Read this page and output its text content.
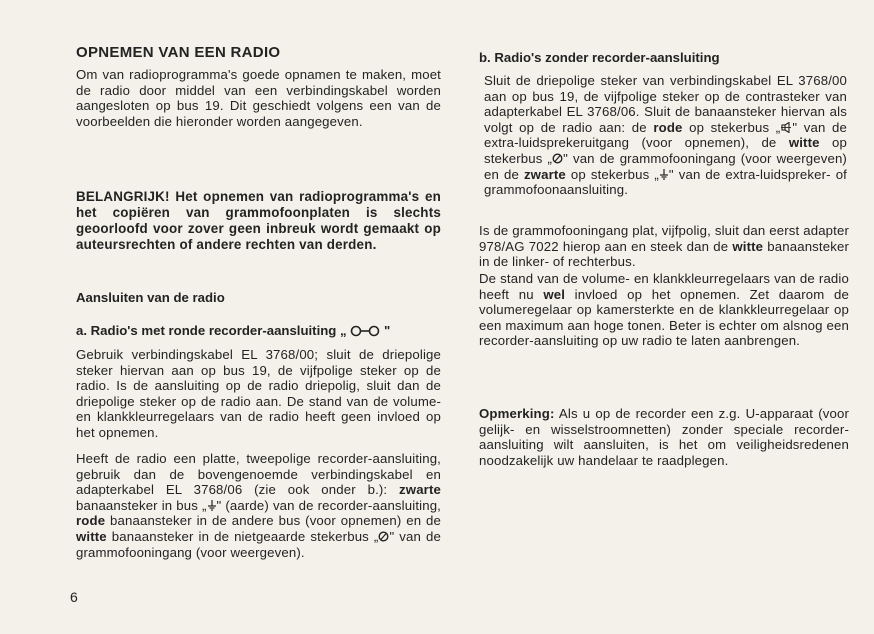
OPNEMEN VAN EEN RADIO

Om van radioprogramma's goede opnamen te maken, moet de radio door middel van een verbindingskabel worden aangesloten op bus 19. Dit geschiedt volgens een van de voorbeelden die hieronder worden aangegeven.

BELANGRIJK! Het opnemen van radioprogramma's en het copiëren van grammofoonplaten is slechts geoorloofd voor zover geen inbreuk wordt gemaakt op auteursrechten of andere rechten van derden.

Aansluiten van de radio
a. Radio's met ronde recorder-aansluiting „	"

Gebruik verbindingskabel EL 3768/00; sluit de driepolige steker hiervan aan op bus 19, de vijfpolige steker op de radio. Is de aansluiting op de radio driepolig, sluit dan de driepolige steker op de radio aan. De stand van de volume- en klankkleurregelaars van de radio heeft geen invloed op het opnemen.

Heeft de radio een platte, tweepolige recorder-aansluiting, gebruik dan de bovengenoemde verbindingskabel en adapterkabel EL 3768/06 (zie ook onder b.): zwarte banaansteker in bus „ " (aarde) van de recorder-aansluiting, rode banaansteker in de andere bus (voor opnemen) en de witte banaansteker in de nietgeaarde stekerbus „ " van de grammofooningang (voor weergeven).

6
b. Radio's zonder recorder-aansluiting

Sluit de driepolige steker van verbindingskabel EL 3768/00 aan op bus 19, de vijfpolige steker op de contrasteker van adapterkabel EL 3768/06. Sluit de banaansteker hiervan als volgt op de radio aan: de rode op stekerbus „ " van de extra-luidsprekeruitgang (voor opnemen), de witte op stekerbus „ " van de grammofooningang (voor weergeven) en de zwarte op stekerbus „ " van de extra-luidspreker- of grammofoonaansluiting.

Is de grammofooningang plat, vijfpolig, sluit dan eerst adapter 978/AG 7022 hierop aan en steek dan de witte banaansteker in de linker- of rechterbus.

De stand van de volume- en klankkleurregelaars van de radio heeft nu wel invloed op het opnemen. Zet daarom de volumeregelaar op kamersterkte en de klankkleurregelaar op een maximum aan hoge tonen. Beter is echter om alsnog een recorder-aansluiting op uw radio te laten aanbrengen.

Opmerking: Als u op de recorder een z.g. U-apparaat (voor gelijk- en wisselstroomnetten) zonder speciale recorder-aansluiting wilt aansluiten, is het om veiligheidsredenen noodzakelijk uw handelaar te raadplegen.
